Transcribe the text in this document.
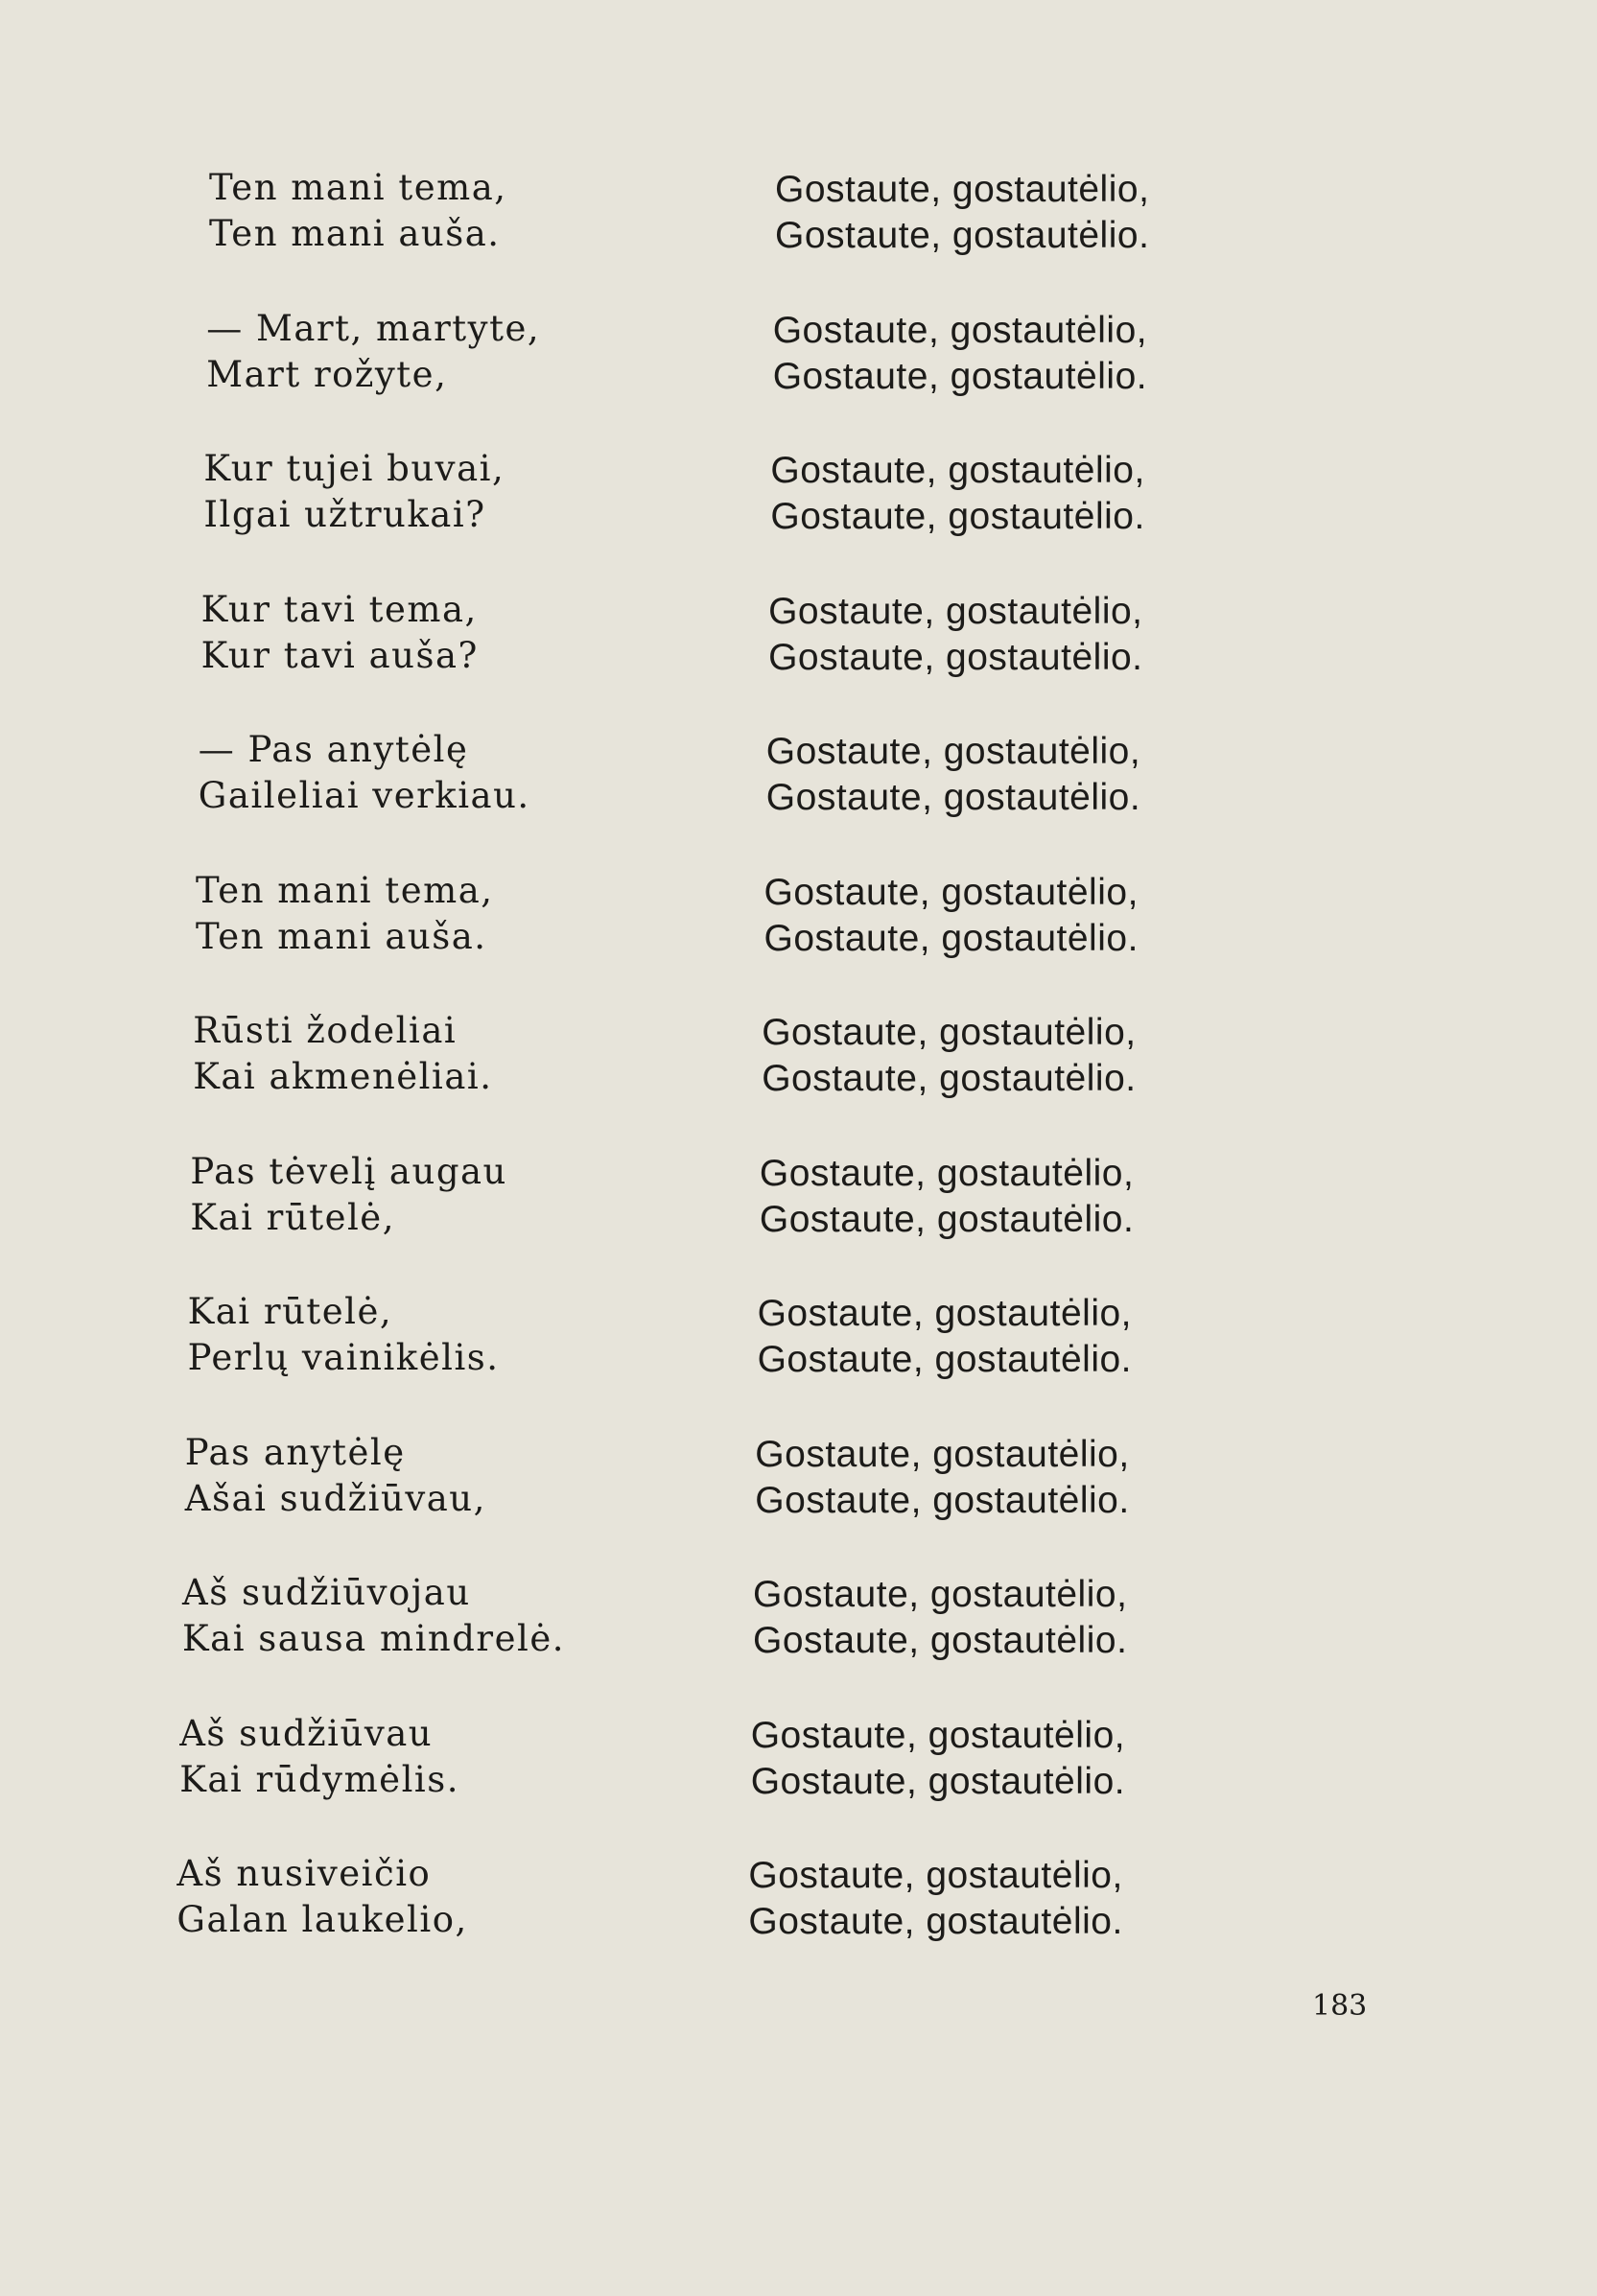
Ten mani tema,
Ten mani auša.
— Mart, martyte,
Mart rožyte,
Kur tujei buvai,
Ilgai užtrukai?
Kur tavi tema,
Kur tavi auša?
— Pas anytėlę
Gaileliai verkiau.
Ten mani tema,
Ten mani auša.
Rūsti žodeliai
Kai akmenėliai.
Pas tėvelį augau
Kai rūtelė,
Kai rūtelė,
Perlų vainikėlis.
Pas anytėlę
Ašai sudžiūvau,
Aš sudžiūvojau
Kai sausa mindrelė.
Aš sudžiūvau
Kai rūdymėlis.
Aš nusiveičio
Galan laukelio,
Gostaute, gostautėlio,
Gostaute, gostautėlio.
Gostaute, gostautėlio,
Gostaute, gostautėlio.
Gostaute, gostautėlio,
Gostaute, gostautėlio.
Gostaute, gostautėlio,
Gostaute, gostautėlio.
Gostaute, gostautėlio,
Gostaute, gostautėlio.
Gostaute, gostautėlio,
Gostaute, gostautėlio.
Gostaute, gostautėlio,
Gostaute, gostautėlio.
Gostaute, gostautėlio,
Gostaute, gostautėlio.
Gostaute, gostautėlio,
Gostaute, gostautėlio.
Gostaute, gostautėlio,
Gostaute, gostautėlio.
Gostaute, gostautėlio,
Gostaute, gostautėlio.
Gostaute, gostautėlio,
Gostaute, gostautėlio.
Gostaute, gostautėlio,
Gostaute, gostautėlio.
183
